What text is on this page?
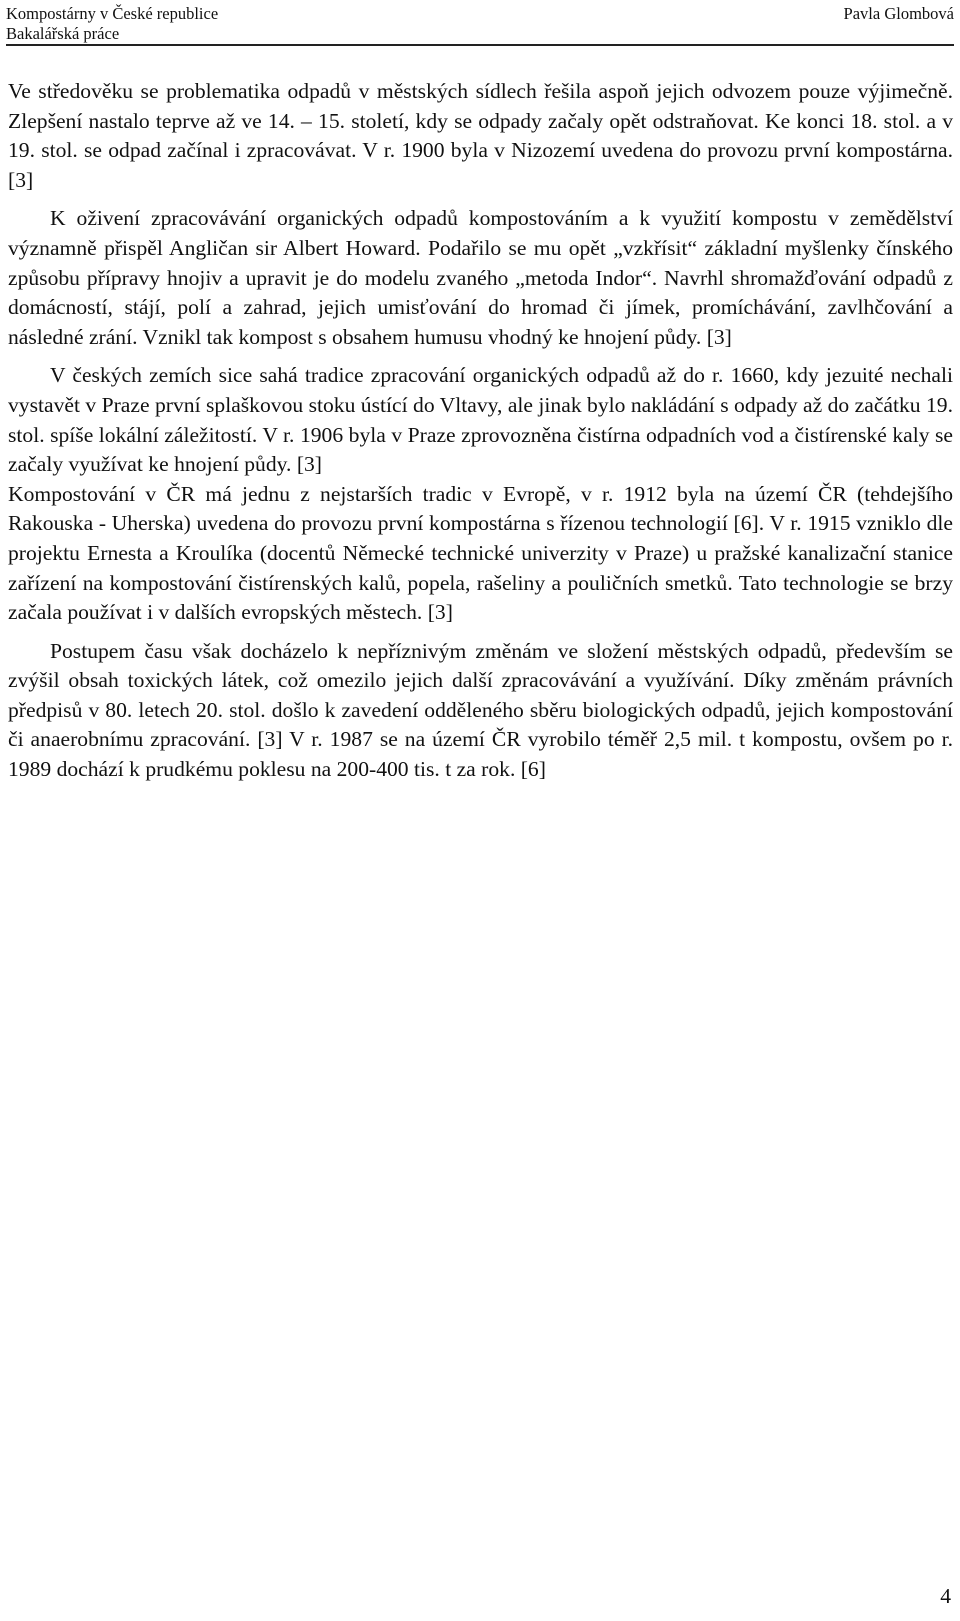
Kompostárny v České republice
Bakalářská práce
Pavla Glombová

Ve středověku se problematika odpadů v městských sídlech řešila aspoň jejich odvozem pouze výjimečně. Zlepšení nastalo teprve až ve 14. – 15. století, kdy se odpady začaly opět odstraňovat. Ke konci 18. stol. a v 19. stol. se odpad začínal i zpracovávat. V r. 1900 byla v Nizozemí uvedena do provozu první kompostárna. [3]

K oživení zpracovávání organických odpadů kompostováním a k využití kompostu v zemědělství významně přispěl Angličan sir Albert Howard. Podařilo se mu opět „vzkřísit“ základní myšlenky čínského způsobu přípravy hnojiv a upravit je do modelu zvaného „metoda Indor“. Navrhl shromažďování odpadů z domácností, stájí, polí a zahrad, jejich umisťování do hromad či jímek, promíchávání, zavlhčování a následné zrání. Vznikl tak kompost s obsahem humusu vhodný ke hnojení půdy. [3]

V českých zemích sice sahá tradice zpracování organických odpadů až do r. 1660, kdy jezuité nechali vystavět v Praze první splaškovou stoku ústící do Vltavy, ale jinak bylo nakládání s odpady až do začátku 19. stol. spíše lokální záležitostí. V r. 1906 byla v Praze zprovozněna čistírna odpadních vod a čistírenské kaly se začaly využívat ke hnojení půdy. [3]

Kompostování v ČR má jednu z nejstarších tradic v Evropě, v r. 1912 byla na území ČR (tehdejšího Rakouska - Uherska) uvedena do provozu první kompostárna s řízenou technologií [6]. V r. 1915 vzniklo dle projektu Ernesta a Kroulíka (docentů Německé technické univerzity v Praze) u pražské kanalizační stanice zařízení na kompostování čistírenských kalů, popela, rašeliny a pouličních smetků. Tato technologie se brzy začala používat i v dalších evropských městech. [3]

Postupem času však docházelo k nepříznivým změnám ve složení městských odpadů, především se zvýšil obsah toxických látek, což omezilo jejich další zpracovávání a využívání. Díky změnám právních předpisů v 80. letech 20. stol. došlo k zavedení odděleného sběru biologických odpadů, jejich kompostování či anaerobnímu zpracování. [3] V r. 1987 se na území ČR vyrobilo téměř 2,5 mil. t kompostu, ovšem po r. 1989 dochází k prudkému poklesu na 200-400 tis. t za rok. [6]

4
